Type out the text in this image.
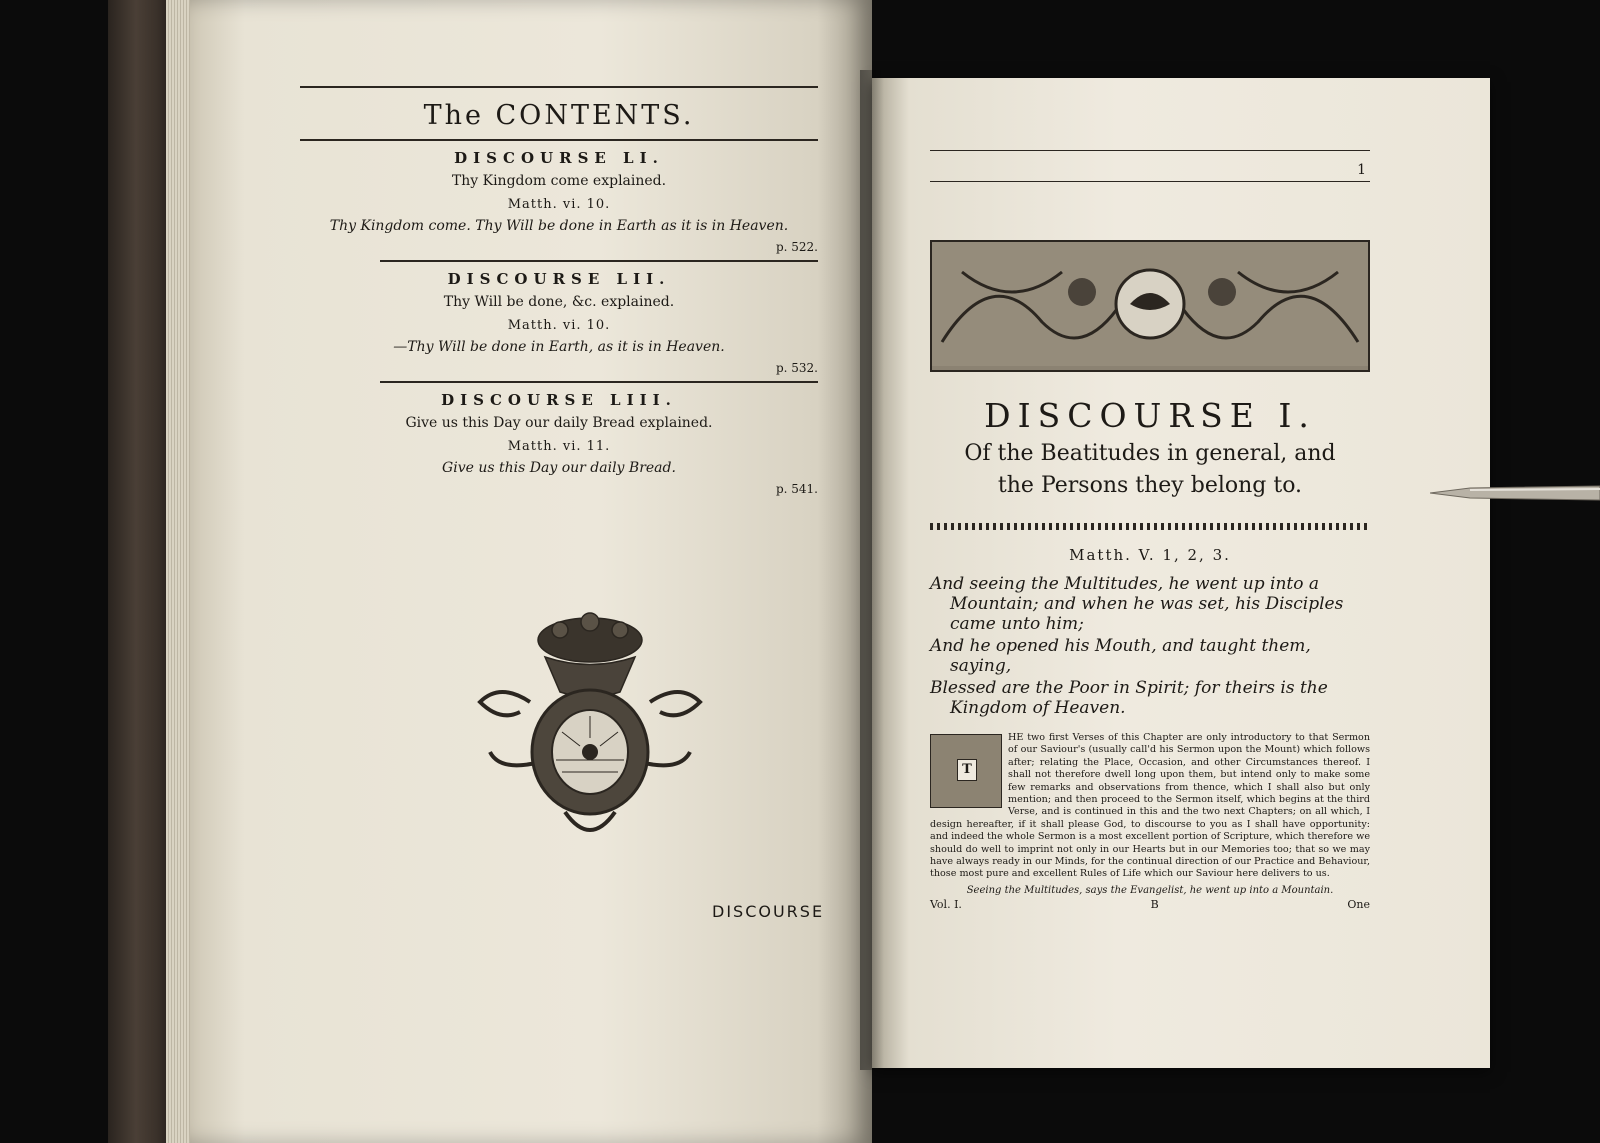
The CONTENTS.
DISCOURSE LI.
Thy Kingdom come explained.
Matth. vi. 10.
Thy Kingdom come. Thy Will be done in Earth as it is in Heaven.
p. 522.
DISCOURSE LII.
Thy Will be done, &c. explained.
Matth. vi. 10.
—Thy Will be done in Earth, as it is in Heaven.
p. 532.
DISCOURSE LIII.
Give us this Day our daily Bread explained.
Matth. vi. 11.
Give us this Day our daily Bread.
p. 541.
DISCOURSE
1
DISCOURSE I.
Of the Beatitudes in general, and
the Persons they belong to.
Matth. V. 1, 2, 3.

And seeing the Multitudes, he went up into a Mountain; and when he was set, his Disciples came unto him;

And he opened his Mouth, and taught them, saying,

Blessed are the Poor in Spirit; for theirs is the Kingdom of Heaven.

T
HE two first Verses of this Chapter are only introductory to that Sermon of our Saviour's (usually call'd his Sermon upon the Mount) which follows after; relating the Place, Occasion, and other Circumstances thereof. I shall not therefore dwell long upon them, but intend only to make some few remarks and observations from thence, which I shall also but only mention; and then proceed to the Sermon itself, which begins at the third Verse, and is continued in this and the two next Chapters; on all which, I design hereafter, if it shall please God, to discourse to you as I shall have opportunity: and indeed the whole Sermon is a most excellent portion of Scripture, which therefore we should do well to imprint not only in our Hearts but in our Memories too; that so we may have always ready in our Minds, for the continual direction of our Practice and Behaviour, those most pure and excellent Rules of Life which our Saviour here delivers to us.
Seeing the Multitudes, says the Evangelist, he went up into a Mountain.
Vol. I.	B	One
